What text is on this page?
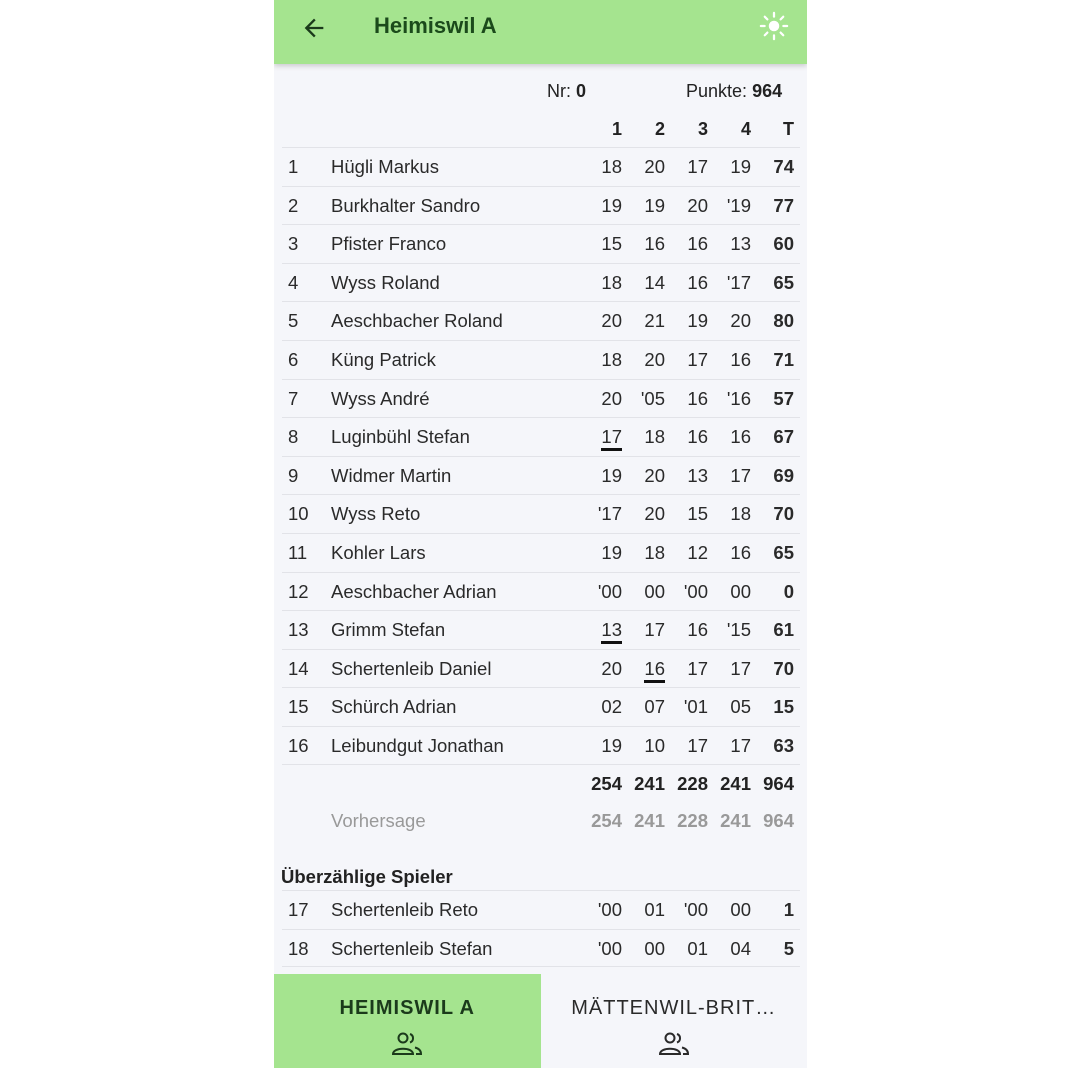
Heimiswil A
Nr: 0	Punkte: 964
1	2	3	4	T
1 Hügli Markus	18	20	17	19	74
2 Burkhalter Sandro	19	19	20	'19	77
3 Pfister Franco	15	16	16	13	60
4 Wyss Roland	18	14	16	'17	65
5 Aeschbacher Roland	20	21	19	20	80
6 Küng Patrick	18	20	17	16	71
7 Wyss André	20	'05	16	'16	57
8 Luginbühl Stefan	17	18	16	16	67
9 Widmer Martin	19	20	13	17	69
10 Wyss Reto	'17	20	15	18	70
11 Kohler Lars	19	18	12	16	65
12 Aeschbacher Adrian	'00	00	'00	00	0
13 Grimm Stefan	13	17	16	'15	61
14 Schertenleib Daniel	20	16	17	17	70
15 Schürch Adrian	02	07	'01	05	15
16 Leibundgut Jonathan	19	10	17	17	63
254 241 228 241 964
Vorhersage	254 241 228 241 964
Überzählige Spieler
17 Schertenleib Reto	'00	01	'00	00	1
18 Schertenleib Stefan	'00	00	01	04	5
HEIMISWIL A	MÄTTENWIL-BRIT…
